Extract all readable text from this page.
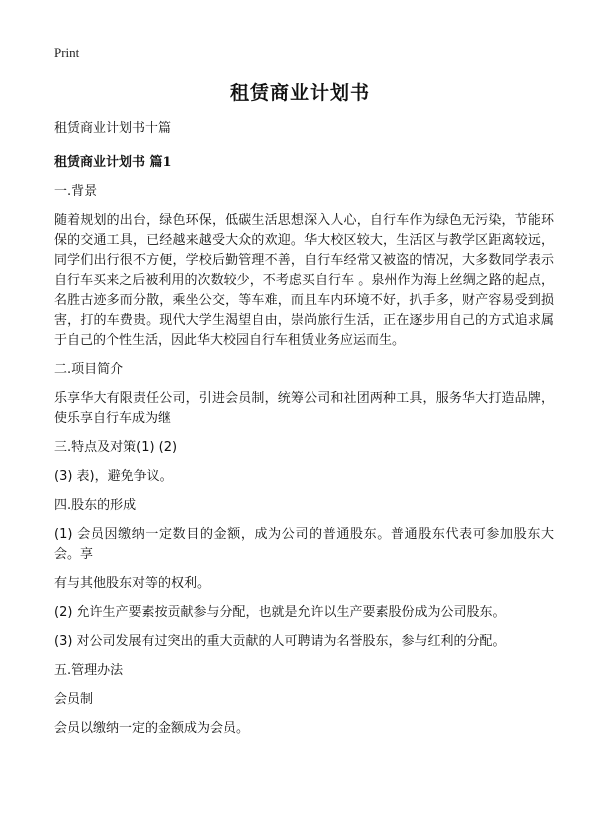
Print
租赁商业计划书

租赁商业计划书十篇

租赁商业计划书 篇1

一.背景

随着规划的出台，绿色环保，低碳生活思想深入人心，自行车作为绿色无污染，节能环保的交通工具，已经越来越受大众的欢迎。华大校区较大，生活区与教学区距离较远，同学们出行很不方便，学校后勤管理不善，自行车经常又被盗的情况，大多数同学表示自行车买来之后被利用的次数较少，不考虑买自行车 。泉州作为海上丝绸之路的起点，名胜古迹多而分散，乘坐公交，等车难，而且车内环境不好，扒手多，财产容易受到损害，打的车费贵。现代大学生渴望自由，崇尚旅行生活，正在逐步用自己的方式追求属于自己的个性生活，因此华大校园自行车租赁业务应运而生。

二.项目简介

乐享华大有限责任公司，引进会员制，统筹公司和社团两种工具，服务华大打造品牌，使乐享自行车成为继

三.特点及对策(1) (2)

(3) 表)，避免争议。

四.股东的形成

(1) 会员因缴纳一定数目的金额，成为公司的普通股东。普通股东代表可参加股东大会。享

有与其他股东对等的权利。

(2) 允许生产要素按贡献参与分配，也就是允许以生产要素股份成为公司股东。

(3) 对公司发展有过突出的重大贡献的人可聘请为名誉股东，参与红利的分配。

五.管理办法

会员制

会员以缴纳一定的金额成为会员。
